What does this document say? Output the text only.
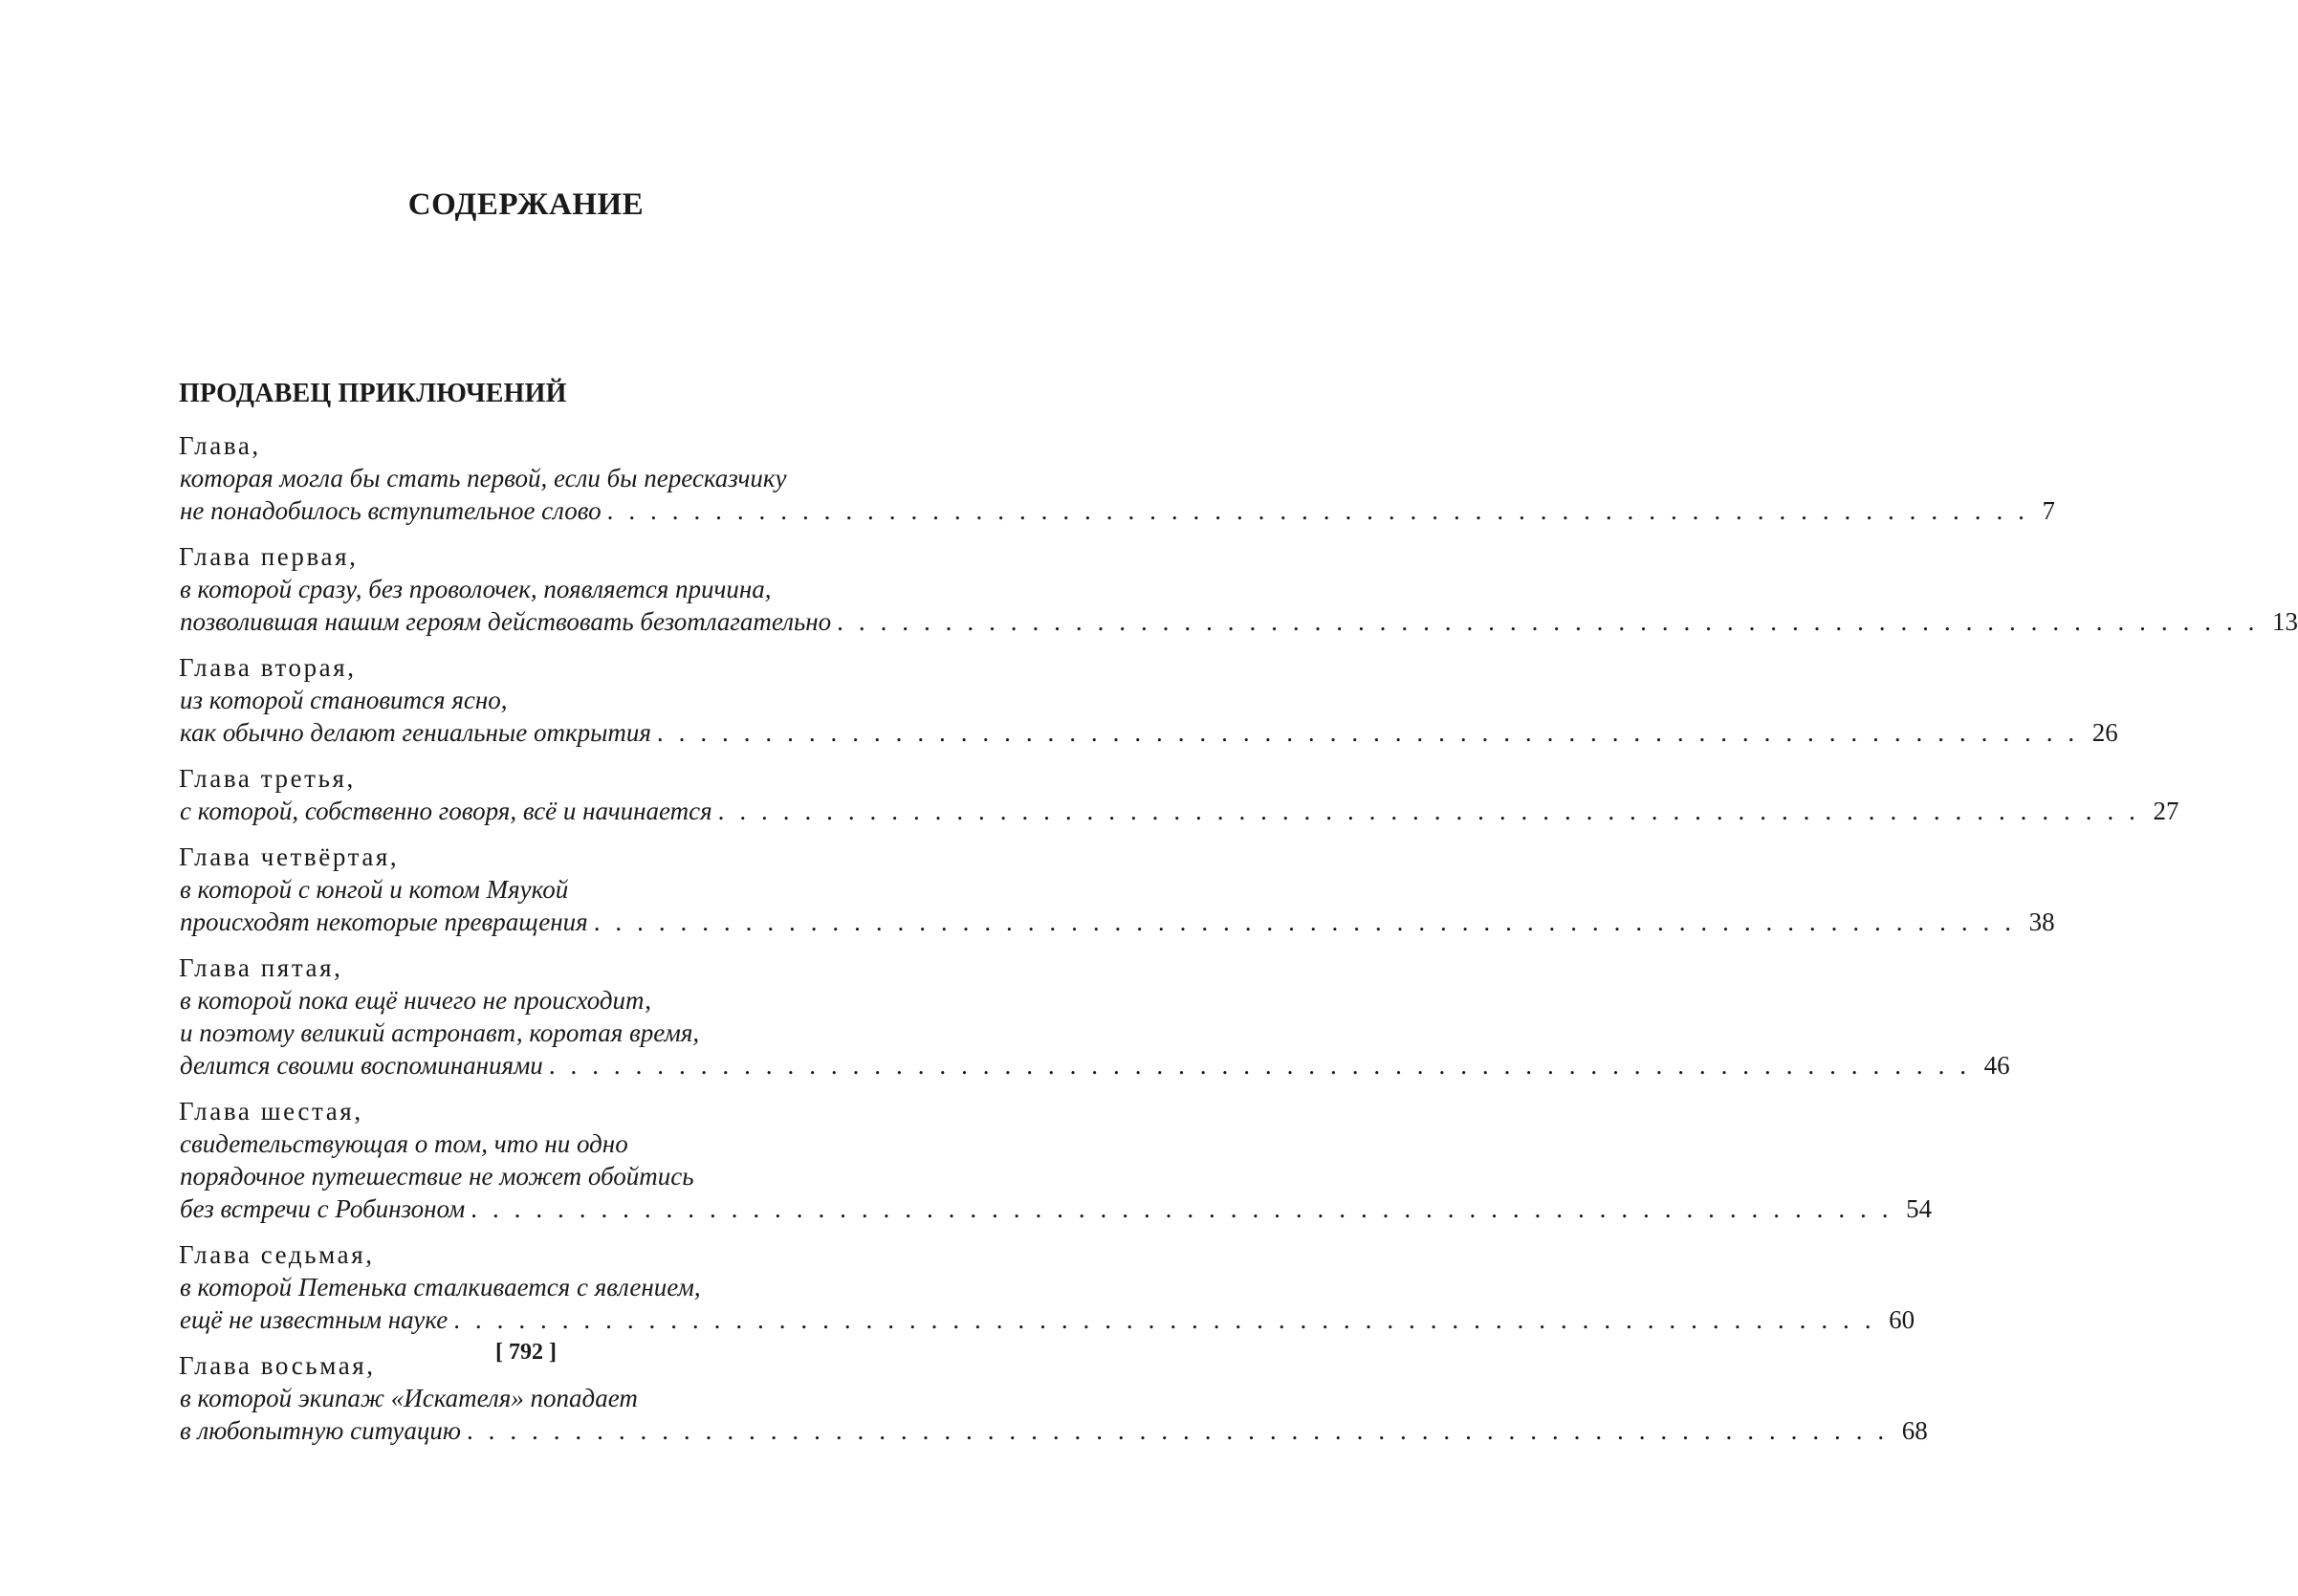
СОДЕРЖАНИЕ
ПРОДАВЕЦ ПРИКЛЮЧЕНИЙ
Глава,
которая могла бы стать первой, если бы пересказчику
не понадобилось вступительное слово . . . . . . . . . . . . . . . . . . . . . . . . . . . . . . . . . . . . . . . . . . . . . . . . . . . . . . . . . . . . . . . . . . 7
Глава первая,
в которой сразу, без проволочек, появляется причина,
позволившая нашим героям действовать безотлагательно . . . . . . . . . . . . . . . . . . . . . . . . . . . . . . . . . . . . . . . . . . . . . . . . . . . . . . . . . . . . . . . . . . 13
Глава вторая,
из которой становится ясно,
как обычно делают гениальные открытия . . . . . . . . . . . . . . . . . . . . . . . . . . . . . . . . . . . . . . . . . . . . . . . . . . . . . . . . . . . . . . . . . . 26
Глава третья,
с которой, собственно говоря, всё и начинается . . . . . . . . . . . . . . . . . . . . . . . . . . . . . . . . . . . . . . . . . . . . . . . . . . . . . . . . . . . . . . . . . . 27
Глава четвёртая,
в которой с юнгой и котом Мяукой
происходят некоторые превращения . . . . . . . . . . . . . . . . . . . . . . . . . . . . . . . . . . . . . . . . . . . . . . . . . . . . . . . . . . . . . . . . . . 38
Глава пятая,
в которой пока ещё ничего не происходит,
и поэтому великий астронавт, коротая время,
делится своими воспоминаниями . . . . . . . . . . . . . . . . . . . . . . . . . . . . . . . . . . . . . . . . . . . . . . . . . . . . . . . . . . . . . . . . . . 46
Глава шестая,
свидетельствующая о том, что ни одно
порядочное путешествие не может обойтись
без встречи с Робинзоном . . . . . . . . . . . . . . . . . . . . . . . . . . . . . . . . . . . . . . . . . . . . . . . . . . . . . . . . . . . . . . . . . . 54
Глава седьмая,
в которой Петенька сталкивается с явлением,
ещё не известным науке . . . . . . . . . . . . . . . . . . . . . . . . . . . . . . . . . . . . . . . . . . . . . . . . . . . . . . . . . . . . . . . . . . 60
Глава восьмая,
в которой экипаж «Искателя» попадает
в любопытную ситуацию . . . . . . . . . . . . . . . . . . . . . . . . . . . . . . . . . . . . . . . . . . . . . . . . . . . . . . . . . . . . . . . . . . 68
[ 792 ]
